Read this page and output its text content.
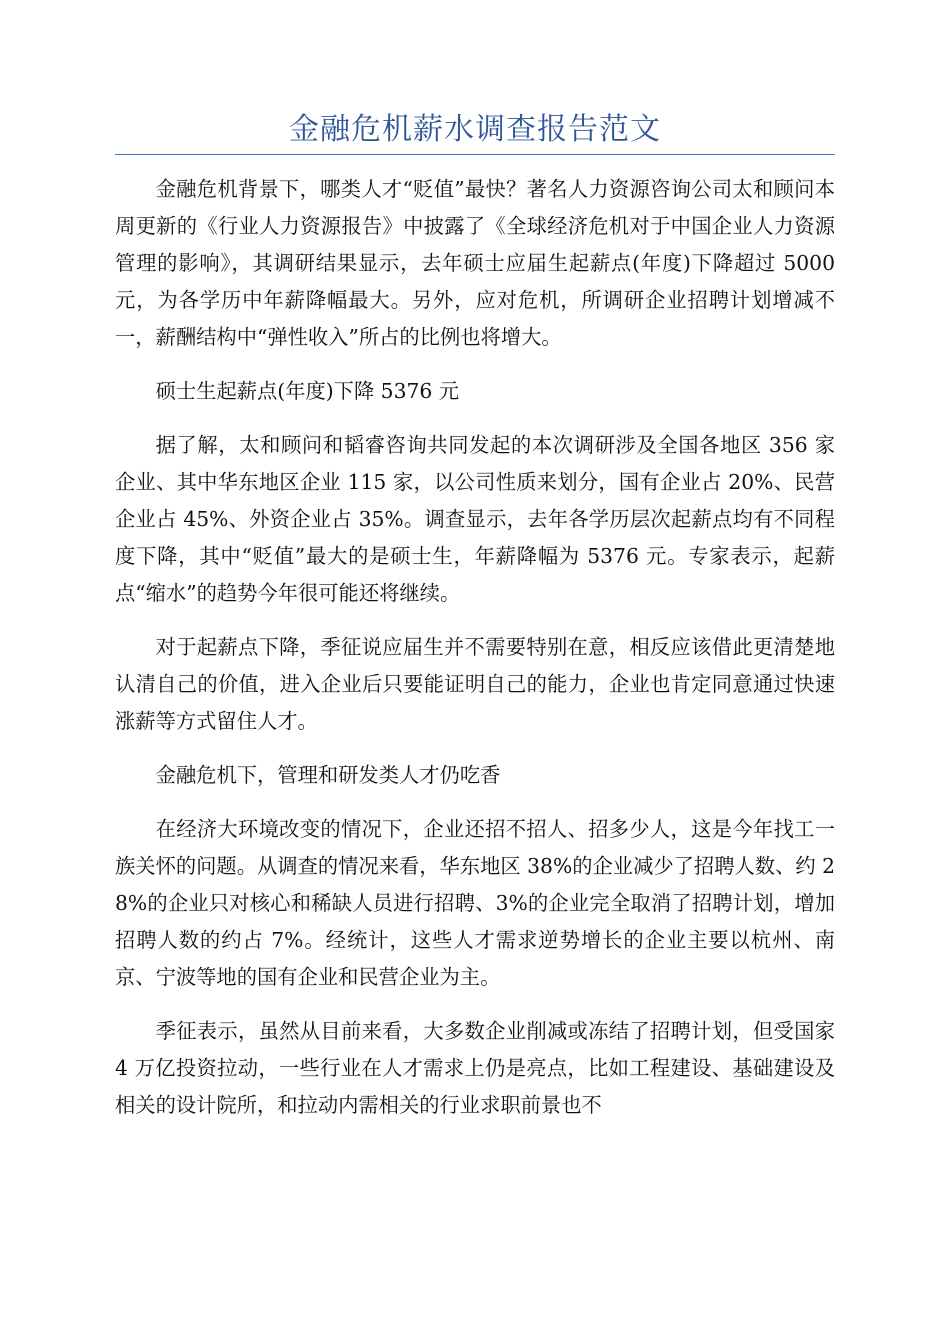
金融危机薪水调查报告范文

金融危机背景下，哪类人才“贬值”最快？著名人力资源咨询公司太和顾问本周更新的《行业人力资源报告》中披露了《全球经济危机对于中国企业人力资源管理的影响》，其调研结果显示，去年硕士应届生起薪点(年度)下降超过 5000 元，为各学历中年薪降幅最大。另外，应对危机，所调研企业招聘计划增减不一，薪酬结构中“弹性收入”所占的比例也将增大。

硕士生起薪点(年度)下降 5376 元

据了解，太和顾问和韬睿咨询共同发起的本次调研涉及全国各地区 356 家企业、其中华东地区企业 115 家，以公司性质来划分，国有企业占 20%、民营企业占 45%、外资企业占 35%。调查显示，去年各学历层次起薪点均有不同程度下降，其中“贬值”最大的是硕士生，年薪降幅为 5376 元。专家表示，起薪点“缩水”的趋势今年很可能还将继续。

对于起薪点下降，季征说应届生并不需要特别在意，相反应该借此更清楚地认清自己的价值，进入企业后只要能证明自己的能力，企业也肯定同意通过快速涨薪等方式留住人才。

金融危机下，管理和研发类人才仍吃香

在经济大环境改变的情况下，企业还招不招人、招多少人，这是今年找工一族关怀的问题。从调查的情况来看，华东地区 38%的企业减少了招聘人数、约 28%的企业只对核心和稀缺人员进行招聘、3%的企业完全取消了招聘计划，增加招聘人数的约占 7%。经统计，这些人才需求逆势增长的企业主要以杭州、南京、宁波等地的国有企业和民营企业为主。

季征表示，虽然从目前来看，大多数企业削减或冻结了招聘计划，但受国家 4 万亿投资拉动，一些行业在人才需求上仍是亮点，比如工程建设、基础建设及相关的设计院所，和拉动内需相关的行业求职前景也不
